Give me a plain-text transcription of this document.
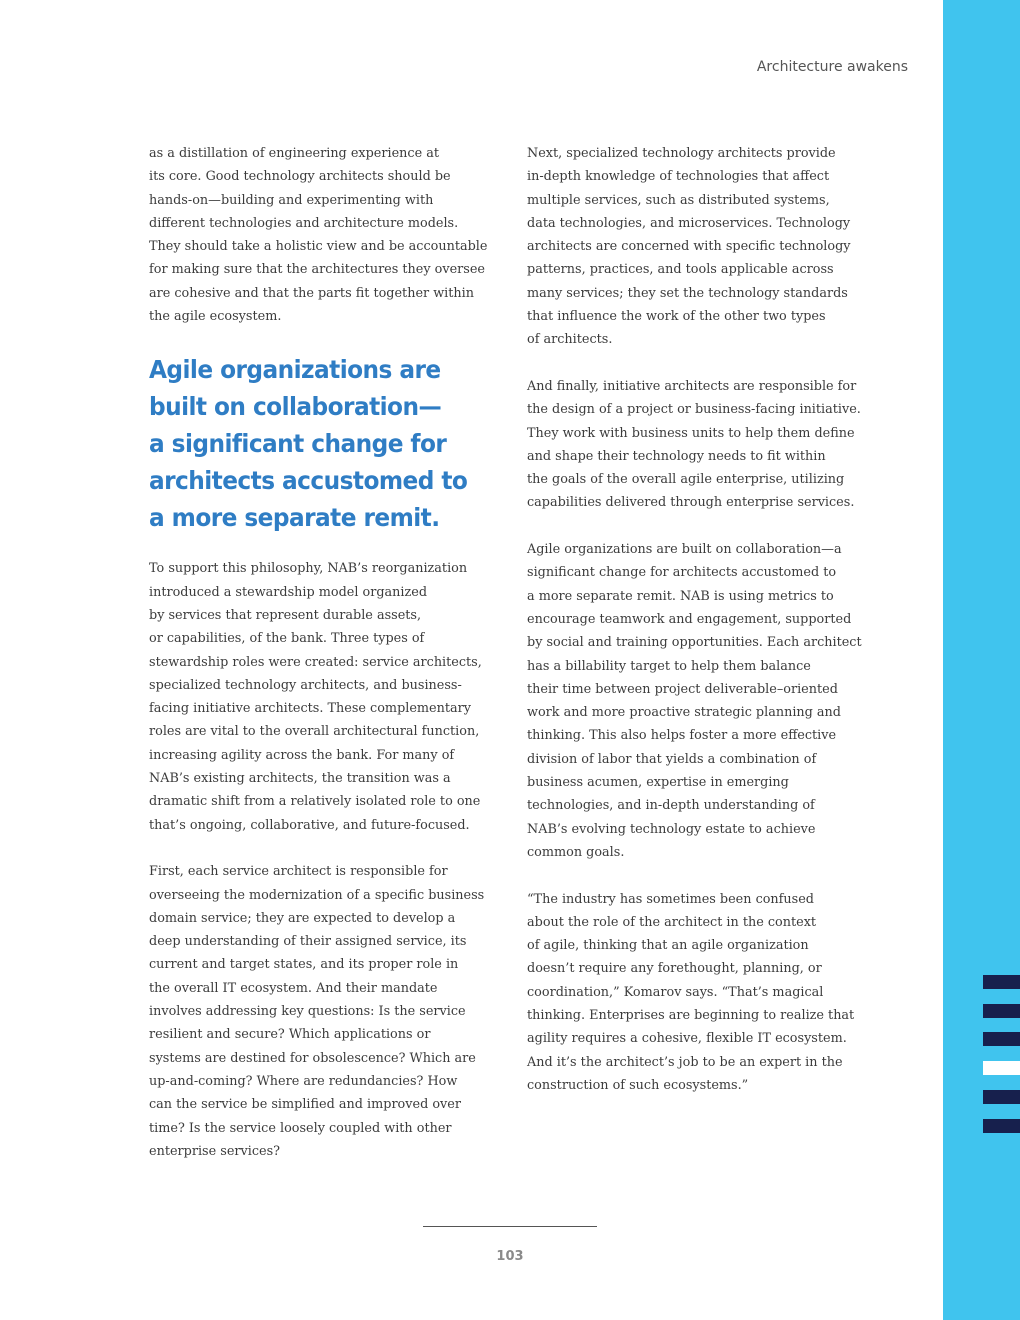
Architecture awakens

as a distillation of engineering experience at
its core. Good technology architects should be
hands-on—building and experimenting with
different technologies and architecture models.
They should take a holistic view and be accountable
for making sure that the architectures they oversee
are cohesive and that the parts fit together within
the agile ecosystem.

Agile organizations are
built on collaboration—
a significant change for
architects accustomed to
a more separate remit.

To support this philosophy, NAB’s reorganization
introduced a stewardship model organized
by services that represent durable assets,
or capabilities, of the bank. Three types of
stewardship roles were created: service architects,
specialized technology architects, and business-
facing initiative architects. These complementary
roles are vital to the overall architectural function,
increasing agility across the bank. For many of
NAB’s existing architects, the transition was a
dramatic shift from a relatively isolated role to one
that’s ongoing, collaborative, and future-focused.

First, each service architect is responsible for
overseeing the modernization of a specific business
domain service; they are expected to develop a
deep understanding of their assigned service, its
current and target states, and its proper role in
the overall IT ecosystem. And their mandate
involves addressing key questions: Is the service
resilient and secure? Which applications or
systems are destined for obsolescence? Which are
up-and-coming? Where are redundancies? How
can the service be simplified and improved over
time? Is the service loosely coupled with other
enterprise services?

Next, specialized technology architects provide
in-depth knowledge of technologies that affect
multiple services, such as distributed systems,
data technologies, and microservices. Technology
architects are concerned with specific technology
patterns, practices, and tools applicable across
many services; they set the technology standards
that influence the work of the other two types
of architects.

And finally, initiative architects are responsible for
the design of a project or business-facing initiative.
They work with business units to help them define
and shape their technology needs to fit within
the goals of the overall agile enterprise, utilizing
capabilities delivered through enterprise services.

Agile organizations are built on collaboration—a
significant change for architects accustomed to
a more separate remit. NAB is using metrics to
encourage teamwork and engagement, supported
by social and training opportunities. Each architect
has a billability target to help them balance
their time between project deliverable–oriented
work and more proactive strategic planning and
thinking. This also helps foster a more effective
division of labor that yields a combination of
business acumen, expertise in emerging
technologies, and in-depth understanding of
NAB’s evolving technology estate to achieve
common goals.

“The industry has sometimes been confused
about the role of the architect in the context
of agile, thinking that an agile organization
doesn’t require any forethought, planning, or
coordination,” Komarov says. “That’s magical
thinking. Enterprises are beginning to realize that
agility requires a cohesive, flexible IT ecosystem.
And it’s the architect’s job to be an expert in the
construction of such ecosystems.”

103
